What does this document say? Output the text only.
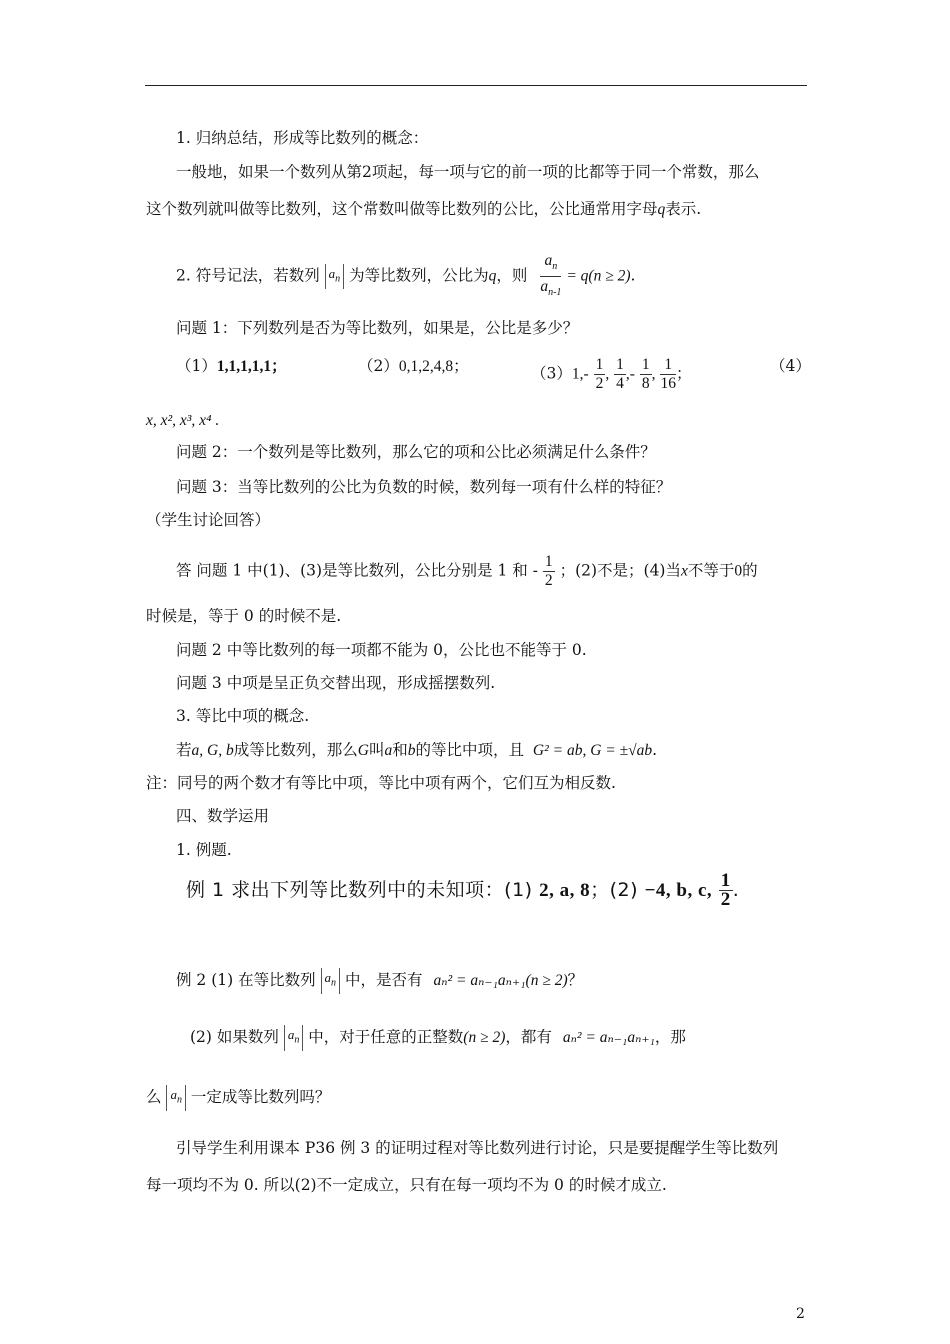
1. 归纳总结，形成等比数列的概念：
一般地，如果一个数列从第2项起，每一项与它的前一项的比都等于同一个常数，那么
这个数列就叫做等比数列，这个常数叫做等比数列的公比，公比通常用字母q表示.
2. 符号记法，若数列 $a_n$ 为等比数列，公比为q，则 $\frac{a_n}{a_{n-1}} = q(n \ge 2)$.
问题 1：下列数列是否为等比数列，如果是，公比是多少？
（1）1,1,1,1,1；	（2）0,1,2,4,8；	$(3)1,- \frac{1}{2}$ , $\frac{1}{4}$ ,- $\frac{1}{8}$ , $\frac{1}{16}$ ；	（4）
x, x², x³, x⁴ .
问题 2：一个数列是等比数列，那么它的项和公比必须满足什么条件？
问题 3：当等比数列的公比为负数的时候，数列每一项有什么样的特征？
（学生讨论回答）
答 问题 1 中(1)、(3)是等比数列，公比分别是 1 和 - $\frac{1}{2}$ ；(2)不是；(4)当x不等于0的
时候是，等于 0 的时候不是.
问题 2 中等比数列的每一项都不能为 0，公比也不能等于 0.
问题 3 中项是呈正负交替出现，形成摇摆数列.
3. 等比中项的概念.
若a, G, b成等比数列，那么G叫a和b的等比中项，且 G² = ab, G = ±√ab.
注：同号的两个数才有等比中项，等比中项有两个，它们互为相反数.
四、数学运用
1. 例题.
例 1 求出下列等比数列中的未知项：(1) 2, a, 8；(2) −4, b, c, $\frac{1}{2}$ .
例 2 (1) 在等比数列 $a_n$ 中，是否有 aₙ² = aₙ₋₁aₙ₊₁(n ≥ 2)？
(2) 如果数列 $a_n$ 中，对于任意的正整数(n ≥ 2)，都有 aₙ² = aₙ₋₁aₙ₊₁，那
么 $a_n$ 一定成等比数列吗？
引导学生利用课本 P36 例 3 的证明过程对等比数列进行讨论，只是要提醒学生等比数列
每一项均不为 0. 所以(2)不一定成立，只有在每一项均不为 0 的时候才成立.
2
